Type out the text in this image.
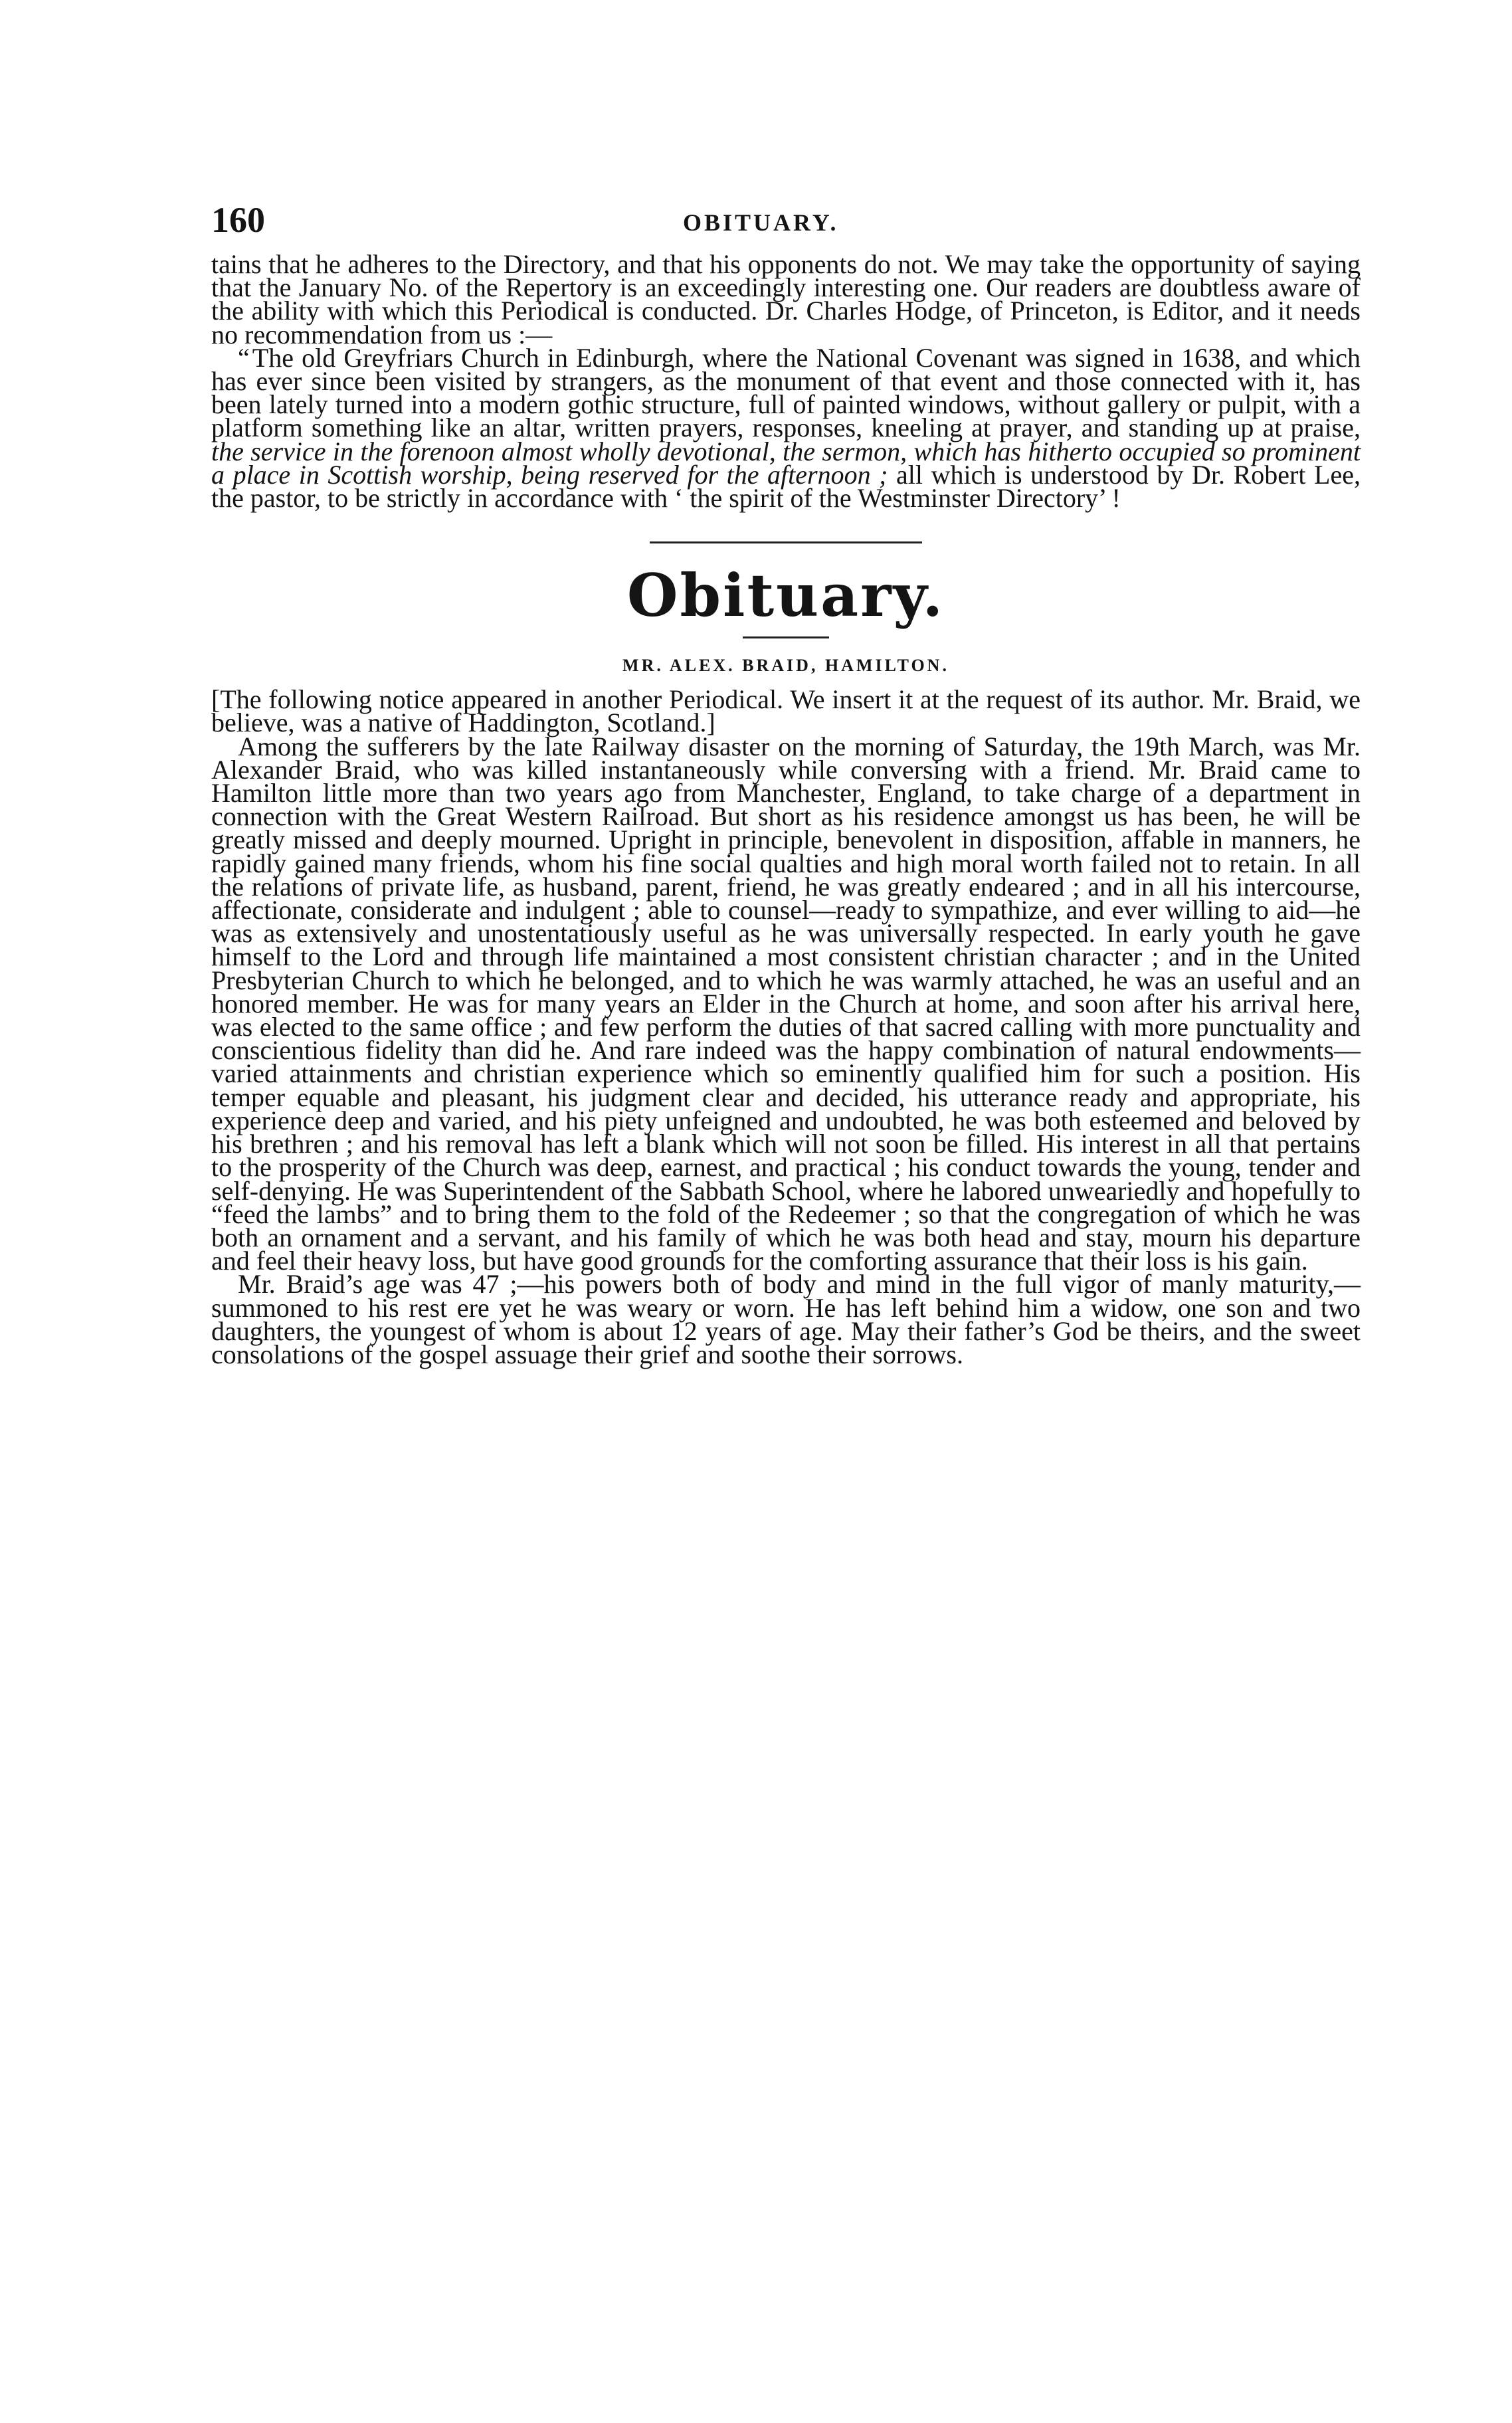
160	OBITUARY.

tains that he adheres to the Directory, and that his opponents do not. We may take the opportunity of saying that the January No. of the Repertory is an exceedingly interesting one. Our readers are doubtless aware of the ability with which this Periodical is conducted. Dr. Charles Hodge, of Princeton, is Editor, and it needs no recommendation from us :—

“ The old Greyfriars Church in Edinburgh, where the National Covenant was signed in 1638, and which has ever since been visited by strangers, as the monument of that event and those connected with it, has been lately turned into a modern gothic structure, full of painted windows, without gallery or pulpit, with a platform something like an altar, written prayers, responses, kneeling at prayer, and standing up at praise, the service in the forenoon almost wholly devotional, the sermon, which has hitherto occupied so prominent a place in Scottish worship, being reserved for the afternoon ; all which is understood by Dr. Robert Lee, the pastor, to be strictly in accordance with ‘ the spirit of the Westminster Directory’ !

Obituary.
MR. ALEX. BRAID, HAMILTON.

[The following notice appeared in another Periodical. We insert it at the request of its author. Mr. Braid, we believe, was a native of Haddington, Scotland.]

Among the sufferers by the late Railway disaster on the morning of Saturday, the 19th March, was Mr. Alexander Braid, who was killed instantaneously while conversing with a friend. Mr. Braid came to Hamilton little more than two years ago from Manchester, England, to take charge of a department in connection with the Great Western Railroad. But short as his residence amongst us has been, he will be greatly missed and deeply mourned. Upright in principle, benevolent in disposition, affable in manners, he rapidly gained many friends, whom his fine social qualties and high moral worth failed not to retain. In all the relations of private life, as husband, parent, friend, he was greatly endeared ; and in all his intercourse, affectionate, considerate and indulgent ; able to counsel—ready to sympathize, and ever willing to aid—he was as extensively and unostentatiously useful as he was universally respected. In early youth he gave himself to the Lord and through life maintained a most consistent christian character ; and in the United Presbyterian Church to which he belonged, and to which he was warmly attached, he was an useful and an honored member. He was for many years an Elder in the Church at home, and soon after his arrival here, was elected to the same office ; and few perform the duties of that sacred calling with more punctuality and conscientious fidelity than did he. And rare indeed was the happy combination of natural endowments—varied attainments and christian experience which so eminently qualified him for such a position. His temper equable and pleasant, his judgment clear and decided, his utterance ready and appropriate, his experience deep and varied, and his piety unfeigned and undoubted, he was both esteemed and beloved by his brethren ; and his removal has left a blank which will not soon be filled. His interest in all that pertains to the prosperity of the Church was deep, earnest, and practical ; his conduct towards the young, tender and self-denying. He was Superintendent of the Sabbath School, where he labored unweariedly and hopefully to “feed the lambs” and to bring them to the fold of the Redeemer ; so that the congregation of which he was both an ornament and a servant, and his family of which he was both head and stay, mourn his departure and feel their heavy loss, but have good grounds for the comforting assurance that their loss is his gain.

Mr. Braid’s age was 47 ;—his powers both of body and mind in the full vigor of manly maturity,—summoned to his rest ere yet he was weary or worn. He has left behind him a widow, one son and two daughters, the youngest of whom is about 12 years of age. May their father’s God be theirs, and the sweet consolations of the gospel assuage their grief and soothe their sorrows.
